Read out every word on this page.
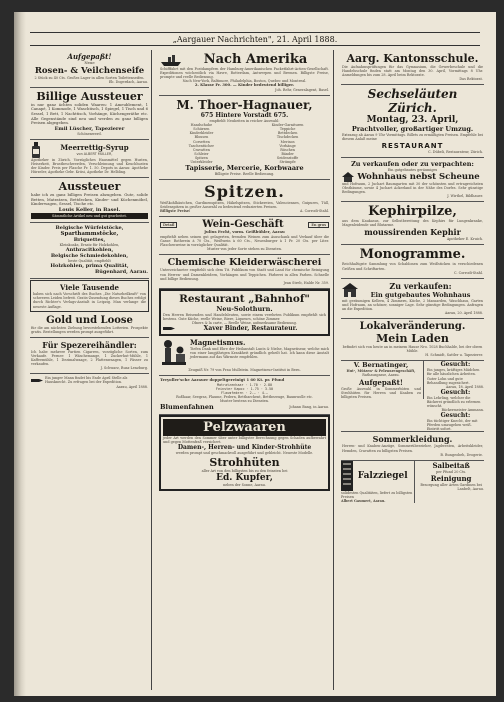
„Aargauer Nachrichten", 21. April 1888.
Aufgepaßt!
Neue
Rosen- & Veilchenseife
2 Stück zu 40 Cts. Großes Lager in allen Sorten Toilettenseifen.
Eb. Dogerdach, Aarau.
Billige Aussteuer
in nur ganz ächten soliden Waaren: 1 Ameublement, 1 Canapé, 1 Kommode, 1 Waschtisch, 1 Spiegel, 1 Tisch und 6 Sessel, 1 Bett, 1 Nachttisch, Vorhänge, Küchengeräthe etc. Alle Gegenstände sind neu und werden zu ganz billigen Preisen abgegeben.
Emil Lüscher, Tapezierer
Schönenwerd.
Meerrettig-Syrup
von ALBERT MÜLLER,
Apotheker in Zürich. Vorzügliches Hausmittel gegen Husten, Heiserkeit, Brustbeschwerden, Verschleimung und Keuchhusten der Kinder. Preis per Flasche Fr. 1. 50. Depots in Aarau: Apotheke Hürzeler, Apotheke Gebr. Krüsi, Apotheke Dr. Helbling.
Aussteuer
habe ich zu ganz billigen Preisen abzugeben. Gute, solide Betten, Matratzen, Bettdecken, Kinder- und Küchenmöbel, Kinderwagen, Sessel, Tische etc.
Louis Keller, in Basel.
Sämmtliche Artikel neu und gut gearbeitet.
Belgische Würfelstöcke,
Sparthammstöcke,
Briquettes,
Kleinkoaks, Ersatz für Holzkohlen,
Anthracitkohlen,
Belgische Schmiedekohlen,
beste Qualität, empfiehlt
Holzkohlen, prima Qualität,
Bügenhard, Aarau.
Viele Tausende
haben sich nach Vorschrift des Buches „Die Naturheilkraft" von schweren Leiden befreit. Gratis-Zusendung dieses Buches erfolgt durch Richter's Verlags-Anstalt in Leipzig. Man verlange die neueste Auflage.
Gold und Loose
für die am nächsten Ziehung bevorstehenden Lotterien. Prospekte gratis. Bestellungen werden prompt ausgeführt.
Für Spezereihändler:
Ich habe mehrere Partien Cigarren, vorzügliche Sorten, zum Verkaufe. Ferner: 1 Wäschemange, 1 Zuckerhut-Mühle, 1 Kaffeemühle, 1 Dezimalwaage, 2 Plattenwaagen, 1 Fässer zu verkaufen.
J. Schwarz, Rusa-Lenzburg.
Ein junger Mann findet bis Ende April Stelle als Hausknecht. Zu erfragen bei der Expedition.
Aarau, April 1888.
Nach Amerika
Schifffahrt mit den Postdampfern der Hamburg-Amerikanischen Packetfahrt-Actien-Gesellschaft. Expeditionen wöchentlich via Havre, Rotterdam, Antwerpen und Bremen. Billigste Preise, prompte und reelle Bedienung.
Nach New-York, Baltimore, Philadelphia, Boston, Quebec und Montreal.
2. Klasse Fr. 300. — Kinder bedeutend billiger.
Joh. Rehr, Generalagent, Basel.
M. Thoer-Hagnauer,
675 Hintere Vorstadt 675.
empfiehlt Neuheiten in reicher Auswahl:
Handschuhe
Schürzen
Kinderkleider
Blousen
Corsetten
Taschentücher
Cravatten
Schleier
Spitzen
Unterkleider
Kinder-Garnituren
Teppiche
Bettdecken
Tischdecken
Merinos
Vorhänge
Rüschen
Bänder
Seidenstoffe
Strümpfe
Tapisserie, Mercerie, Korbwaare
Billigste Preise. Reelle Bedienung.
Spitzen.
Weißkohlhäutchen, Gardinenspitzen, Häkelspitzen, Stickereien, Valenciennes, Guipures, Tüll, Seidenspitzen in großer Auswahl zu bedeutend reduzierten Preisen.
Billigste Preise!	A. Corrodi-Stahl.
Detail	Wein-Geschäft	En gros
Julius Fecht, vorm. Geißbühler, Aarau
empfiehlt neben seinen gut gelagerten, fremden Weinen zum Ausschank und Verkauf über die Gasse: Rothwein à 70 Cts., Weißwein à 60 Cts., Neuenburger à 1 Fr. 20 Cts. per Liter. Flaschenweine in vorzüglicher Qualität.
Muster von jeder Sorte stehen zu Diensten.
Chemische Kleiderwäscherei
Unterzeichneter empfiehlt sich dem Tit. Publikum von Stadt und Land für chemische Reinigung von Herren- und Damenkleidern, Vorhängen und Teppichen. Färberei in allen Farben. Schnelle und billige Bedienung.
Jean Streb, Halde Nr. 359.
Restaurant „Bahnhof"
Neu-Solothurn.
Den Herren Reisenden und Handelsleuten, sowie einem verehrten Publikum empfiehlt sich bestens. Gute Küche, reelle Weine, Biere, Liqueurs, schöne Zimmer.
Dîners & la carte, — Reelle Weine, aufmerksame Bedienung.
Xaver Binder, Restaurateur.
Magnetismus.
Tiefen Dank und Ehre der Heilanstalt Lunts & Nielse, Magnetiseur, welche mich von einer langjährigen Krankheit gründlich geheilt hat. Ich kann diese Anstalt jedermann auf das Wärmste empfehlen.
Zeugniß Nr. 79 von Frau Mullstein. Magnetiseur-Institut in Bern.
Treyoller'sche Aarauer doppeltgereinigt 1 60 Kt. pr. Pfund
Matratzenhaar · 1.70 · 2.80
Feinster Kapoc · 1.75 · 3.50
Flaumfedern · 2.— · 4.—
Roßhaar, Seegras, Flaume, Federn, Bettbarchent, Bettbezeuge, Baumwolle etc.
Muster bestens zu Diensten.
Blumenfahnen	Johann Bang, in Aarau.
Pelzwaaren
jeder Art werden den Sommer über unter billigster Berechnung gegen Schaden aufbewahrt und gegen Mottenfraß versichert.
Damen-, Herren- und Kinder-Strohhüte
werden prompt und geschmackvoll ausgeführt und gebleicht. Neueste Modelle.
Strohhüten
aller Art von den billigsten bis zu den feinsten bei
Ed. Kupfer,
neben der Sonne, Aarau.
Aarg. Kantonsschule.
Die Aufnahmsprüfungen für das Gymnasium, die Gewerbeschule und die Handelsschule finden statt am Montag den 30. April, Vormittags 8 Uhr. Anmeldungen bis zum 28. April beim Rektorate.
Das Rektorat.
Sechseläuten Zürich.
Montag, 23. April,
Prachtvoller, großartiger Umzug.
Extrazug ab Aarau 9 Uhr Vormittags. Billets zu ermäßigten Preisen. Empfehle bei diesem Anlaß meine
RESTAURANT
C. Dübeli, Restaurateur, Zürich.
Zu verkaufen oder zu verpachten:
Ein gutgebautes geräumiges
Wohnhaus nebst Scheune
und Hofraum, 2 Juchart Baumgarten mit 30 der schönsten und ertragreichsten Obstbäume, sowie 4 Juchart Ackerland in der Nähe des Dorfes. Sehr günstige Bedingungen.
J. Wirthel, Bildhauer.
Kephirpilze,
aus dem Kaukasus, zur Selbstbereitung des Kephirs für Lungenkranke, Magenleidende und Blutarme.
moussirenden Kephir
Apotheker E. Kruich.
Monogramme.
Reichhaltigste Sammlung von Schablonen zum Weißsticken in verschiedenen Größen und Schriftarten.
C. Corrodi-Stahl.
Zu verkaufen:
Ein gutgebautes Wohnhaus
mit geräumigen Kellern, 4 Zimmern, Küche, 2 Mansarden, Waschhaus, Garten und Hofraum, an schöner, sonniger Lage. Sehr günstige Bedingungen. Anfragen an die Expedition.
Aarau, 20. April 1888.
Lokalveränderung.
Mein Laden
befindet sich von heute an in meinem Hause Nro. 1028 Buchhalde, bei der obern Mühle.
H. Schmidt, Sattler u. Tapezierer.
V. Bernatinger,
Hut-, Mützen- & Pelzwarengeschäft,
Rathausgasse, Aarau.
Aufgepaßt!
Große Auswahl in Sommerhüten und Strohhüten für Herren und Knaben zu billigsten Preisen.
Gesucht:
Ein junges, kräftiges Mädchen für alle häuslichen Arbeiten. Guter Lohn und gute Behandlung zugesichert.
Aarau, 18. April 1888.
Gesucht:
Ein Lehrling, welcher die Bäckerei gründlich zu erlernen wünscht.
Bäckermeister Ammann.
Gesucht:
Ein tüchtiger Knecht, der mit Pferden umzugehen weiß. Eintritt sofort.
Sommerkleidung.
Herren- und Knaben-Anzüge, Sommerüberzieher, Jagdwesten, Arbeitskleider, Hemden, Cravatten zu billigsten Preisen.
B. Bungeobeh, Drogerie.
Falzziegel
solidesten Qualitäten, liefert zu billigsten Preisen
Albert Gaumert, Aarau.
Salbeitaß
per Pfund 20 Cts.
Reinigung
Besorgung aller Arten Gardinen bei
Lanbelt, Aarau.
